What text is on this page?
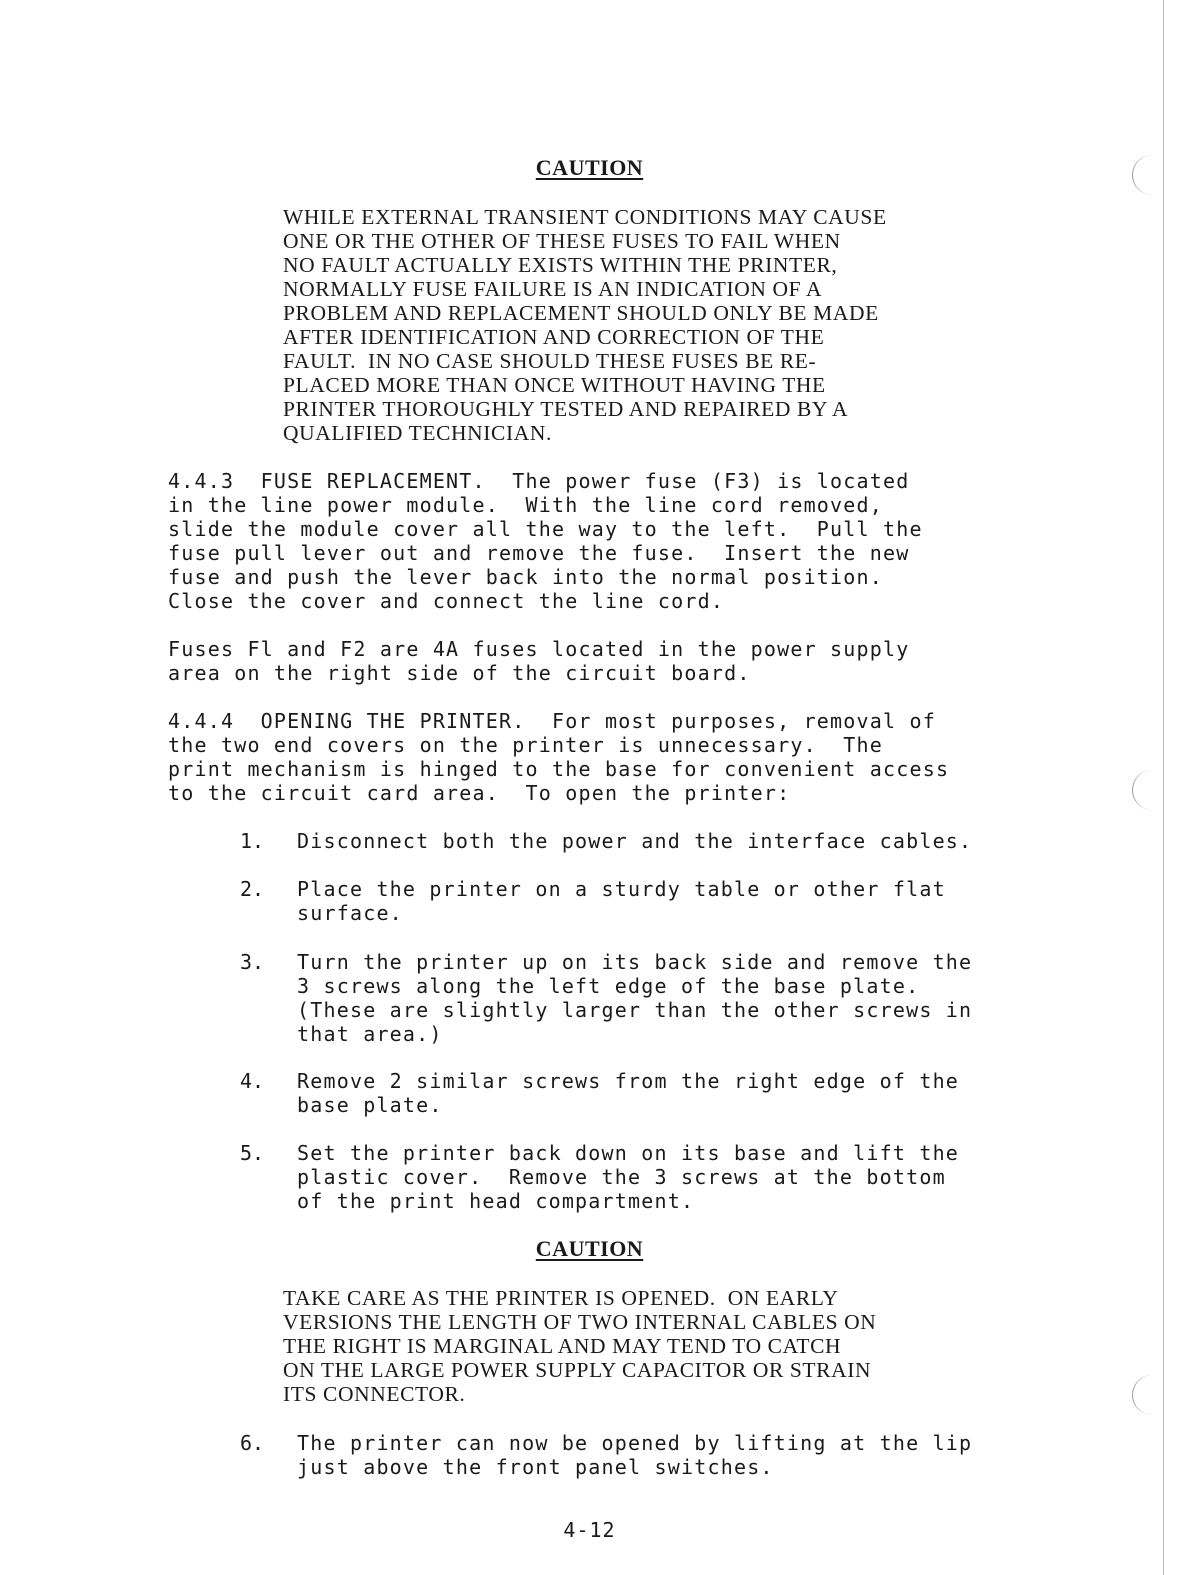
CAUTION
WHILE EXTERNAL TRANSIENT CONDITIONS MAY CAUSE
ONE OR THE OTHER OF THESE FUSES TO FAIL WHEN
NO FAULT ACTUALLY EXISTS WITHIN THE PRINTER,
NORMALLY FUSE FAILURE IS AN INDICATION OF A
PROBLEM AND REPLACEMENT SHOULD ONLY BE MADE
AFTER IDENTIFICATION AND CORRECTION OF THE
FAULT.  IN NO CASE SHOULD THESE FUSES BE RE-
PLACED MORE THAN ONCE WITHOUT HAVING THE
PRINTER THOROUGHLY TESTED AND REPAIRED BY A
QUALIFIED TECHNICIAN.
4.4.3  FUSE REPLACEMENT.  The power fuse (F3) is located
in the line power module.  With the line cord removed,
slide the module cover all the way to the left.  Pull the
fuse pull lever out and remove the fuse.  Insert the new
fuse and push the lever back into the normal position.
Close the cover and connect the line cord.
Fuses Fl and F2 are 4A fuses located in the power supply
area on the right side of the circuit board.
4.4.4  OPENING THE PRINTER.  For most purposes, removal of
the two end covers on the printer is unnecessary.  The
print mechanism is hinged to the base for convenient access
to the circuit card area.  To open the printer:
1. Disconnect both the power and the interface cables.
2. Place the printer on a sturdy table or other flat
surface.
3. Turn the printer up on its back side and remove the
3 screws along the left edge of the base plate.
(These are slightly larger than the other screws in
that area.)
4. Remove 2 similar screws from the right edge of the
base plate.
5. Set the printer back down on its base and lift the
plastic cover.  Remove the 3 screws at the bottom
of the print head compartment.
CAUTION
TAKE CARE AS THE PRINTER IS OPENED.  ON EARLY
VERSIONS THE LENGTH OF TWO INTERNAL CABLES ON
THE RIGHT IS MARGINAL AND MAY TEND TO CATCH
ON THE LARGE POWER SUPPLY CAPACITOR OR STRAIN
ITS CONNECTOR.
6. The printer can now be opened by lifting at the lip
just above the front panel switches.
4-12
